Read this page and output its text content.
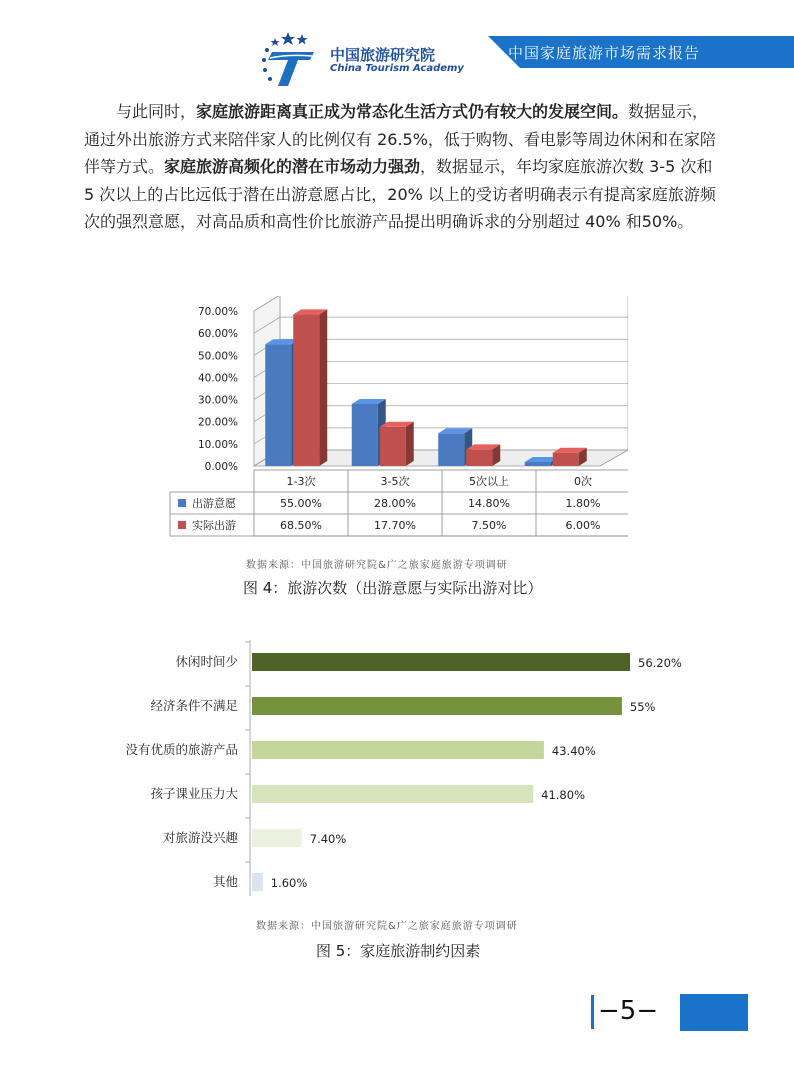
中国旅游研究院
China Tourism Academy
中国家庭旅游市场需求报告

与此同时，家庭旅游距离真正成为常态化生活方式仍有较大的发展空间。数据显示，通过外出旅游方式来陪伴家人的比例仅有 26.5%，低于购物、看电影等周边休闲和在家陪伴等方式。家庭旅游高频化的潜在市场动力强劲，数据显示，年均家庭旅游次数 3-5 次和 5 次以上的占比远低于潜在出游意愿占比，20% 以上的受访者明确表示有提高家庭旅游频次的强烈意愿，对高品质和高性价比旅游产品提出明确诉求的分别超过 40% 和50%。

0.00%
10.00%
20.00%
30.00%
40.00%
50.00%
60.00%
70.00%
1-3次	3-5次	5次以上	0次
出游意愿	55.00%	28.00%	14.80%	1.80%
实际出游	68.50%	17.70%	7.50%	6.00%
数据来源：中国旅游研究院&广之旅家庭旅游专项调研
图 4：旅游次数（出游意愿与实际出游对比）
休闲时间少	56.20%
经济条件不满足	55%
没有优质的旅游产品	43.40%
孩子课业压力大	41.80%
对旅游没兴趣	7.40%
其他	1.60%
数据来源：中国旅游研究院&广之旅家庭旅游专项调研
图 5：家庭旅游制约因素
−5−
